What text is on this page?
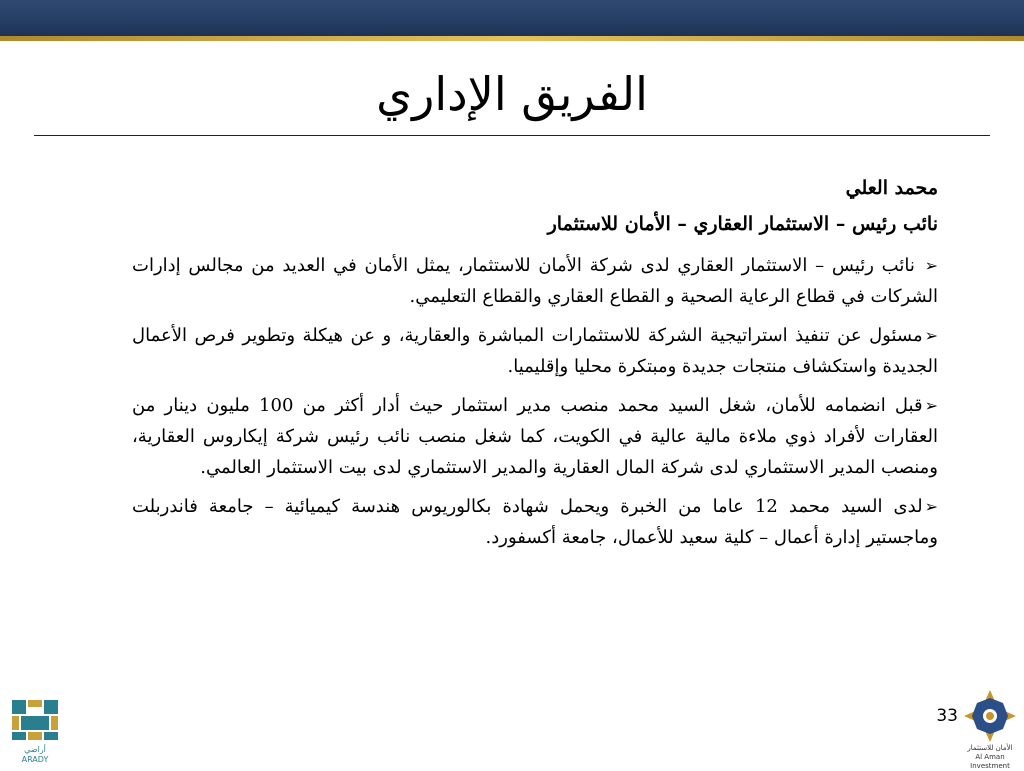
الفريق الإداري

محمد العلي

نائب رئيس – الاستثمار العقاري – الأمان للاستثمار

➢ نائب رئيس – الاستثمار العقاري لدى شركة الأمان للاستثمار، يمثل الأمان في العديد من مجالس إدارات الشركات في قطاع الرعاية الصحية و القطاع العقاري والقطاع التعليمي.
➢مسئول عن تنفيذ استراتيجية الشركة للاستثمارات المباشرة والعقارية، و عن هيكلة وتطوير فرص الأعمال الجديدة واستكشاف منتجات جديدة ومبتكرة محليا وإقليميا.
➢قبل انضمامه للأمان، شغل السيد محمد منصب مدير استثمار حيث أدار أكثر من 100 مليون دينار من العقارات لأفراد ذوي ملاءة مالية عالية في الكويت، كما شغل منصب نائب رئيس شركة إيكاروس العقارية، ومنصب المدير الاستثماري لدى شركة المال العقارية والمدير الاستثماري لدى بيت الاستثمار العالمي.
➢لدى السيد محمد 12 عاما من الخبرة ويحمل شهادة بكالوريوس هندسة كيميائية – جامعة فاندربلت وماجستير إدارة أعمال – كلية سعيد للأعمال، جامعة أكسفورد.
أراضي
ARADY
33
الأمان للاستثمار
Al Aman Investment
